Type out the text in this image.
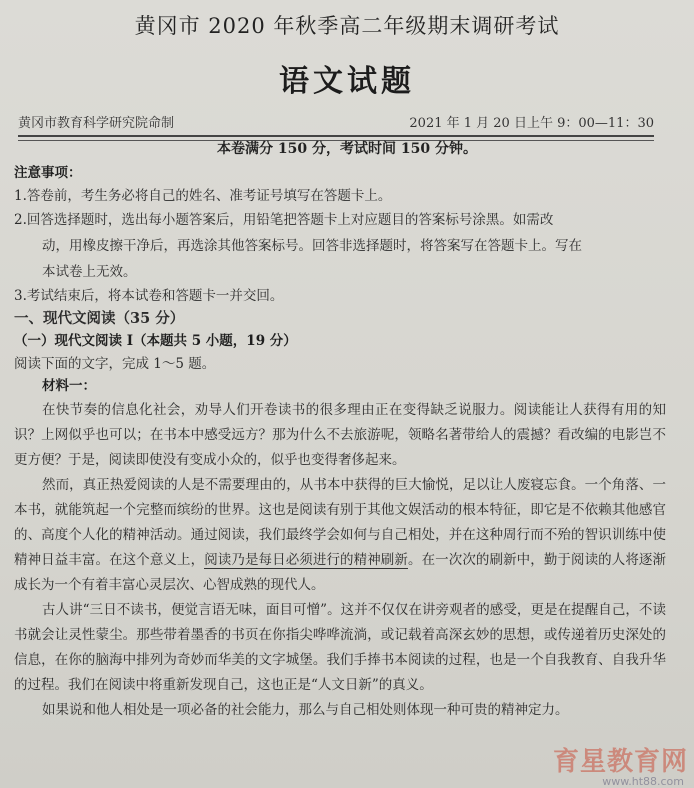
黄冈市 2020 年秋季高二年级期末调研考试
语文试题
黄冈市教育科学研究院命制	2021 年 1 月 20 日上午 9：00—11：30
本卷满分 150 分，考试时间 150 分钟。

注意事项：

1.答卷前，考生务必将自己的姓名、准考证号填写在答题卡上。

2.回答选择题时，选出每小题答案后，用铅笔把答题卡上对应题目的答案标号涂黑。如需改

动，用橡皮擦干净后，再选涂其他答案标号。回答非选择题时，将答案写在答题卡上。写在

本试卷上无效。

3.考试结束后，将本试卷和答题卡一并交回。

一、现代文阅读（35 分）

（一）现代文阅读 Ⅰ（本题共 5 小题，19 分）

阅读下面的文字，完成 1～5 题。

材料一：

在快节奏的信息化社会，劝导人们开卷读书的很多理由正在变得缺乏说服力。阅读能让人获得有用的知识？上网似乎也可以；在书本中感受远方？那为什么不去旅游呢，领略名著带给人的震撼？看改编的电影岂不更方便？于是，阅读即使没有变成小众的，似乎也变得奢侈起来。

然而，真正热爱阅读的人是不需要理由的，从书本中获得的巨大愉悦，足以让人废寝忘食。一个角落、一本书，就能筑起一个完整而缤纷的世界。这也是阅读有别于其他文娱活动的根本特征，即它是不依赖其他感官的、高度个人化的精神活动。通过阅读，我们最终学会如何与自己相处，并在这种周行而不殆的智识训练中使精神日益丰富。在这个意义上，阅读乃是每日必须进行的精神刷新。在一次次的刷新中，勤于阅读的人将逐渐成长为一个有着丰富心灵层次、心智成熟的现代人。

古人讲“三日不读书，便觉言语无味，面目可憎”。这并不仅仅在讲旁观者的感受，更是在提醒自己，不读书就会让灵性蒙尘。那些带着墨香的书页在你指尖哗哗流淌，或记载着高深玄妙的思想，或传递着历史深处的信息，在你的脑海中排列为奇妙而华美的文字城堡。我们手捧书本阅读的过程，也是一个自我教育、自我升华的过程。我们在阅读中将重新发现自己，这也正是“人文日新”的真义。

如果说和他人相处是一项必备的社会能力，那么与自己相处则体现一种可贵的精神定力。

育星教育网
www.ht88.com
